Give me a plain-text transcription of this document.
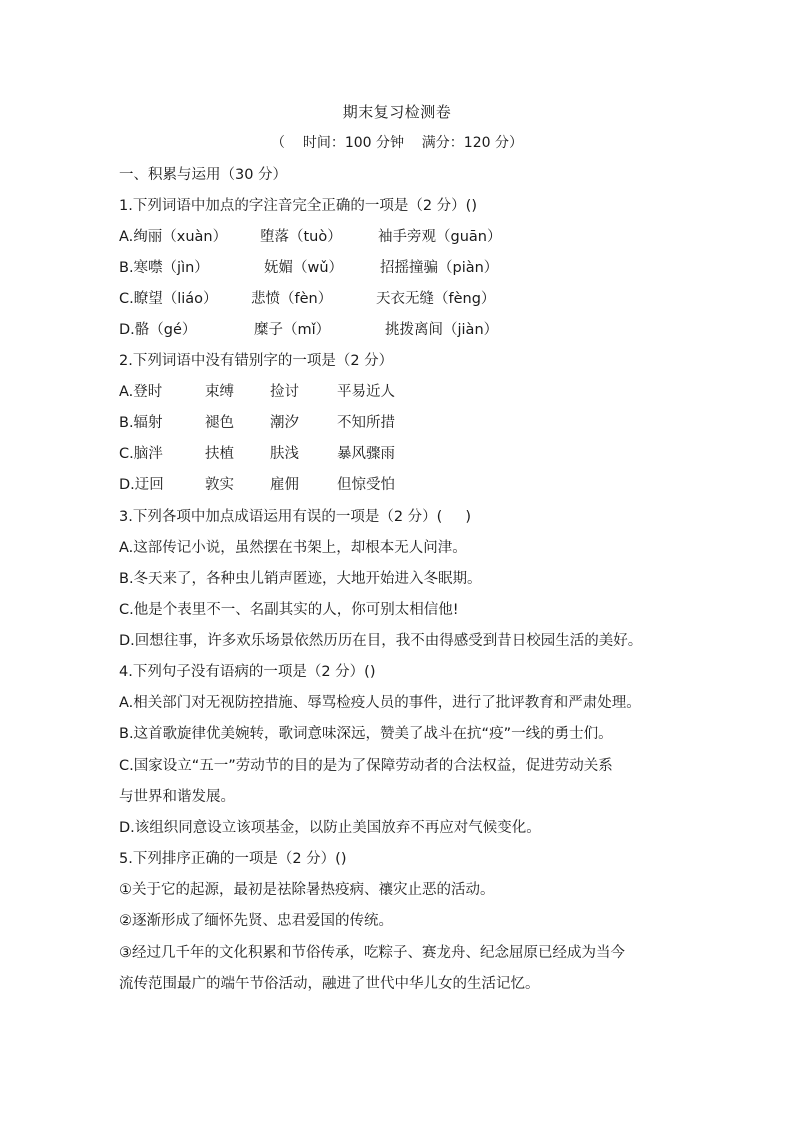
期末复习检测卷
（    时间：100 分钟    满分：120 分）
一、积累与运用（30 分）
1.下列词语中加点的字注音完全正确的一项是（2 分）()
A.绚丽（xuàn） 堕落（tuò）	袖手旁观（guān）
B.寒噤（jìn）	妩媚（wǔ）	招摇撞骗（piàn）
C.瞭望（liáo） 悲愤（fèn）	天衣无缝（fèng）
D.骼（gé）	糜子（mǐ）	挑拨离间（jiàn）
2.下列词语中没有错别字的一项是（2 分）
A.登时	束缚 捡讨	平易近人
B.辐射	褪色 潮汐	不知所措
C.脑泮	扶植 肤浅	暴风骤雨
D.迂回	敦实 雇佣	但惊受怕
3.下列各项中加点成语运用有误的一项是（2 分）(     )
A.这部传记小说，虽然摆在书架上，却根本无人问津。
B.冬天来了，各种虫儿销声匿迹，大地开始进入冬眠期。
C.他是个表里不一、名副其实的人，你可别太相信他!
D.回想往事，许多欢乐场景依然历历在目，我不由得感受到昔日校园生活的美好。
4.下列句子没有语病的一项是（2 分）()
A.相关部门对无视防控措施、辱骂检疫人员的事件，进行了批评教育和严肃处理。
B.这首歌旋律优美婉转，歌词意味深远，赞美了战斗在抗“疫”一线的勇士们。
C.国家设立“五一”劳动节的目的是为了保障劳动者的合法权益，促进劳动关系
与世界和谐发展。
D.该组织同意设立该项基金，以防止美国放弃不再应对气候变化。
5.下列排序正确的一项是（2 分）()
①关于它的起源，最初是祛除暑热疫病、禳灾止恶的活动。
②逐渐形成了缅怀先贤、忠君爱国的传统。
③经过几千年的文化积累和节俗传承，吃粽子、赛龙舟、纪念屈原已经成为当今
流传范围最广的端午节俗活动，融进了世代中华儿女的生活记忆。
